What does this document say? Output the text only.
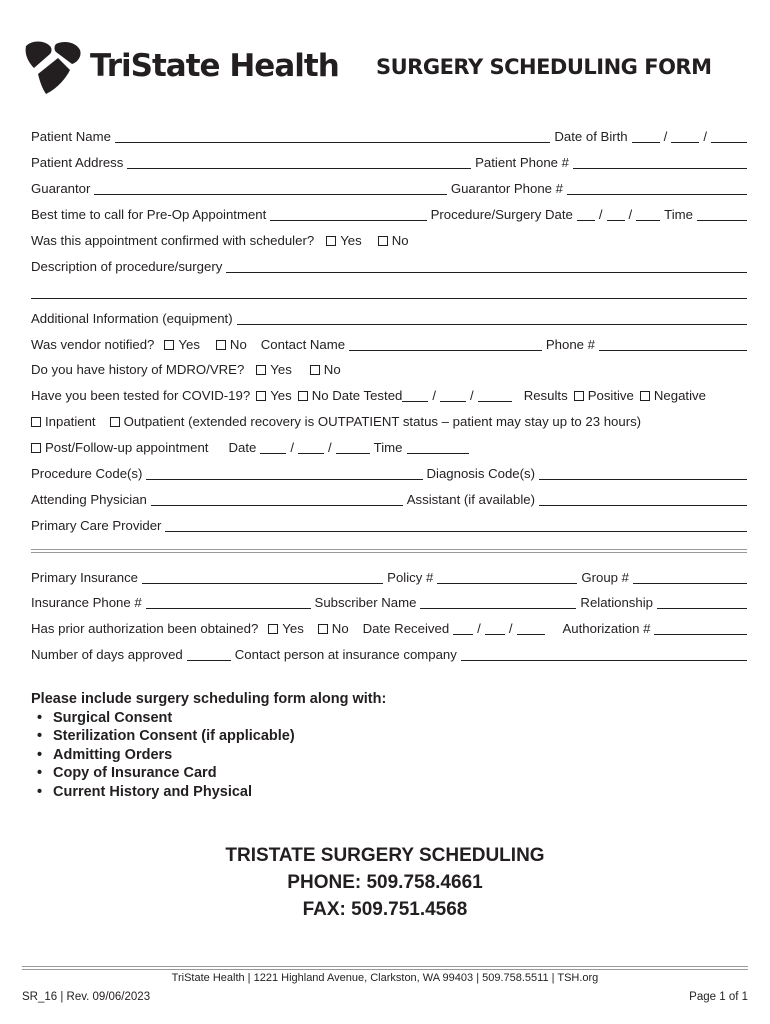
TriState Health SURGERY SCHEDULING FORM
Patient Name	Date of Birth	/	/
Patient Address	Patient Phone #
Guarantor	Guarantor Phone #
Best time to call for Pre-Op Appointment	Procedure/Surgery Date / / Time
Was this appointment confirmed with scheduler? Yes No
Description of procedure/surgery
Additional Information (equipment)
Was vendor notified? Yes No Contact Name	Phone #
Do you have history of MDRO/VRE? Yes No
Have you been tested for COVID-19? Yes No Date Tested /	/	Results Positive Negative
Inpatient Outpatient (extended recovery is OUTPATIENT status – patient may stay up to 23 hours)
Post/Follow-up appointment Date	/	/	Time
Procedure Code(s)	Diagnosis Code(s)
Attending Physician	Assistant (if available)
Primary Care Provider
Primary Insurance	Policy #	Group #
Insurance Phone #	Subscriber Name	Relationship
Has prior authorization been obtained? Yes No Date Received / /	Authorization #
Number of days approved	Contact person at insurance company
Please include surgery scheduling form along with:
• Surgical Consent
• Sterilization Consent (if applicable)
• Admitting Orders
• Copy of Insurance Card
• Current History and Physical
TRISTATE SURGERY SCHEDULING
PHONE: 509.758.4661
FAX: 509.751.4568
TriState Health | 1221 Highland Avenue, Clarkston, WA 99403 | 509.758.5511 | TSH.org
SR_16 | Rev. 09/06/2023	Page 1 of 1
